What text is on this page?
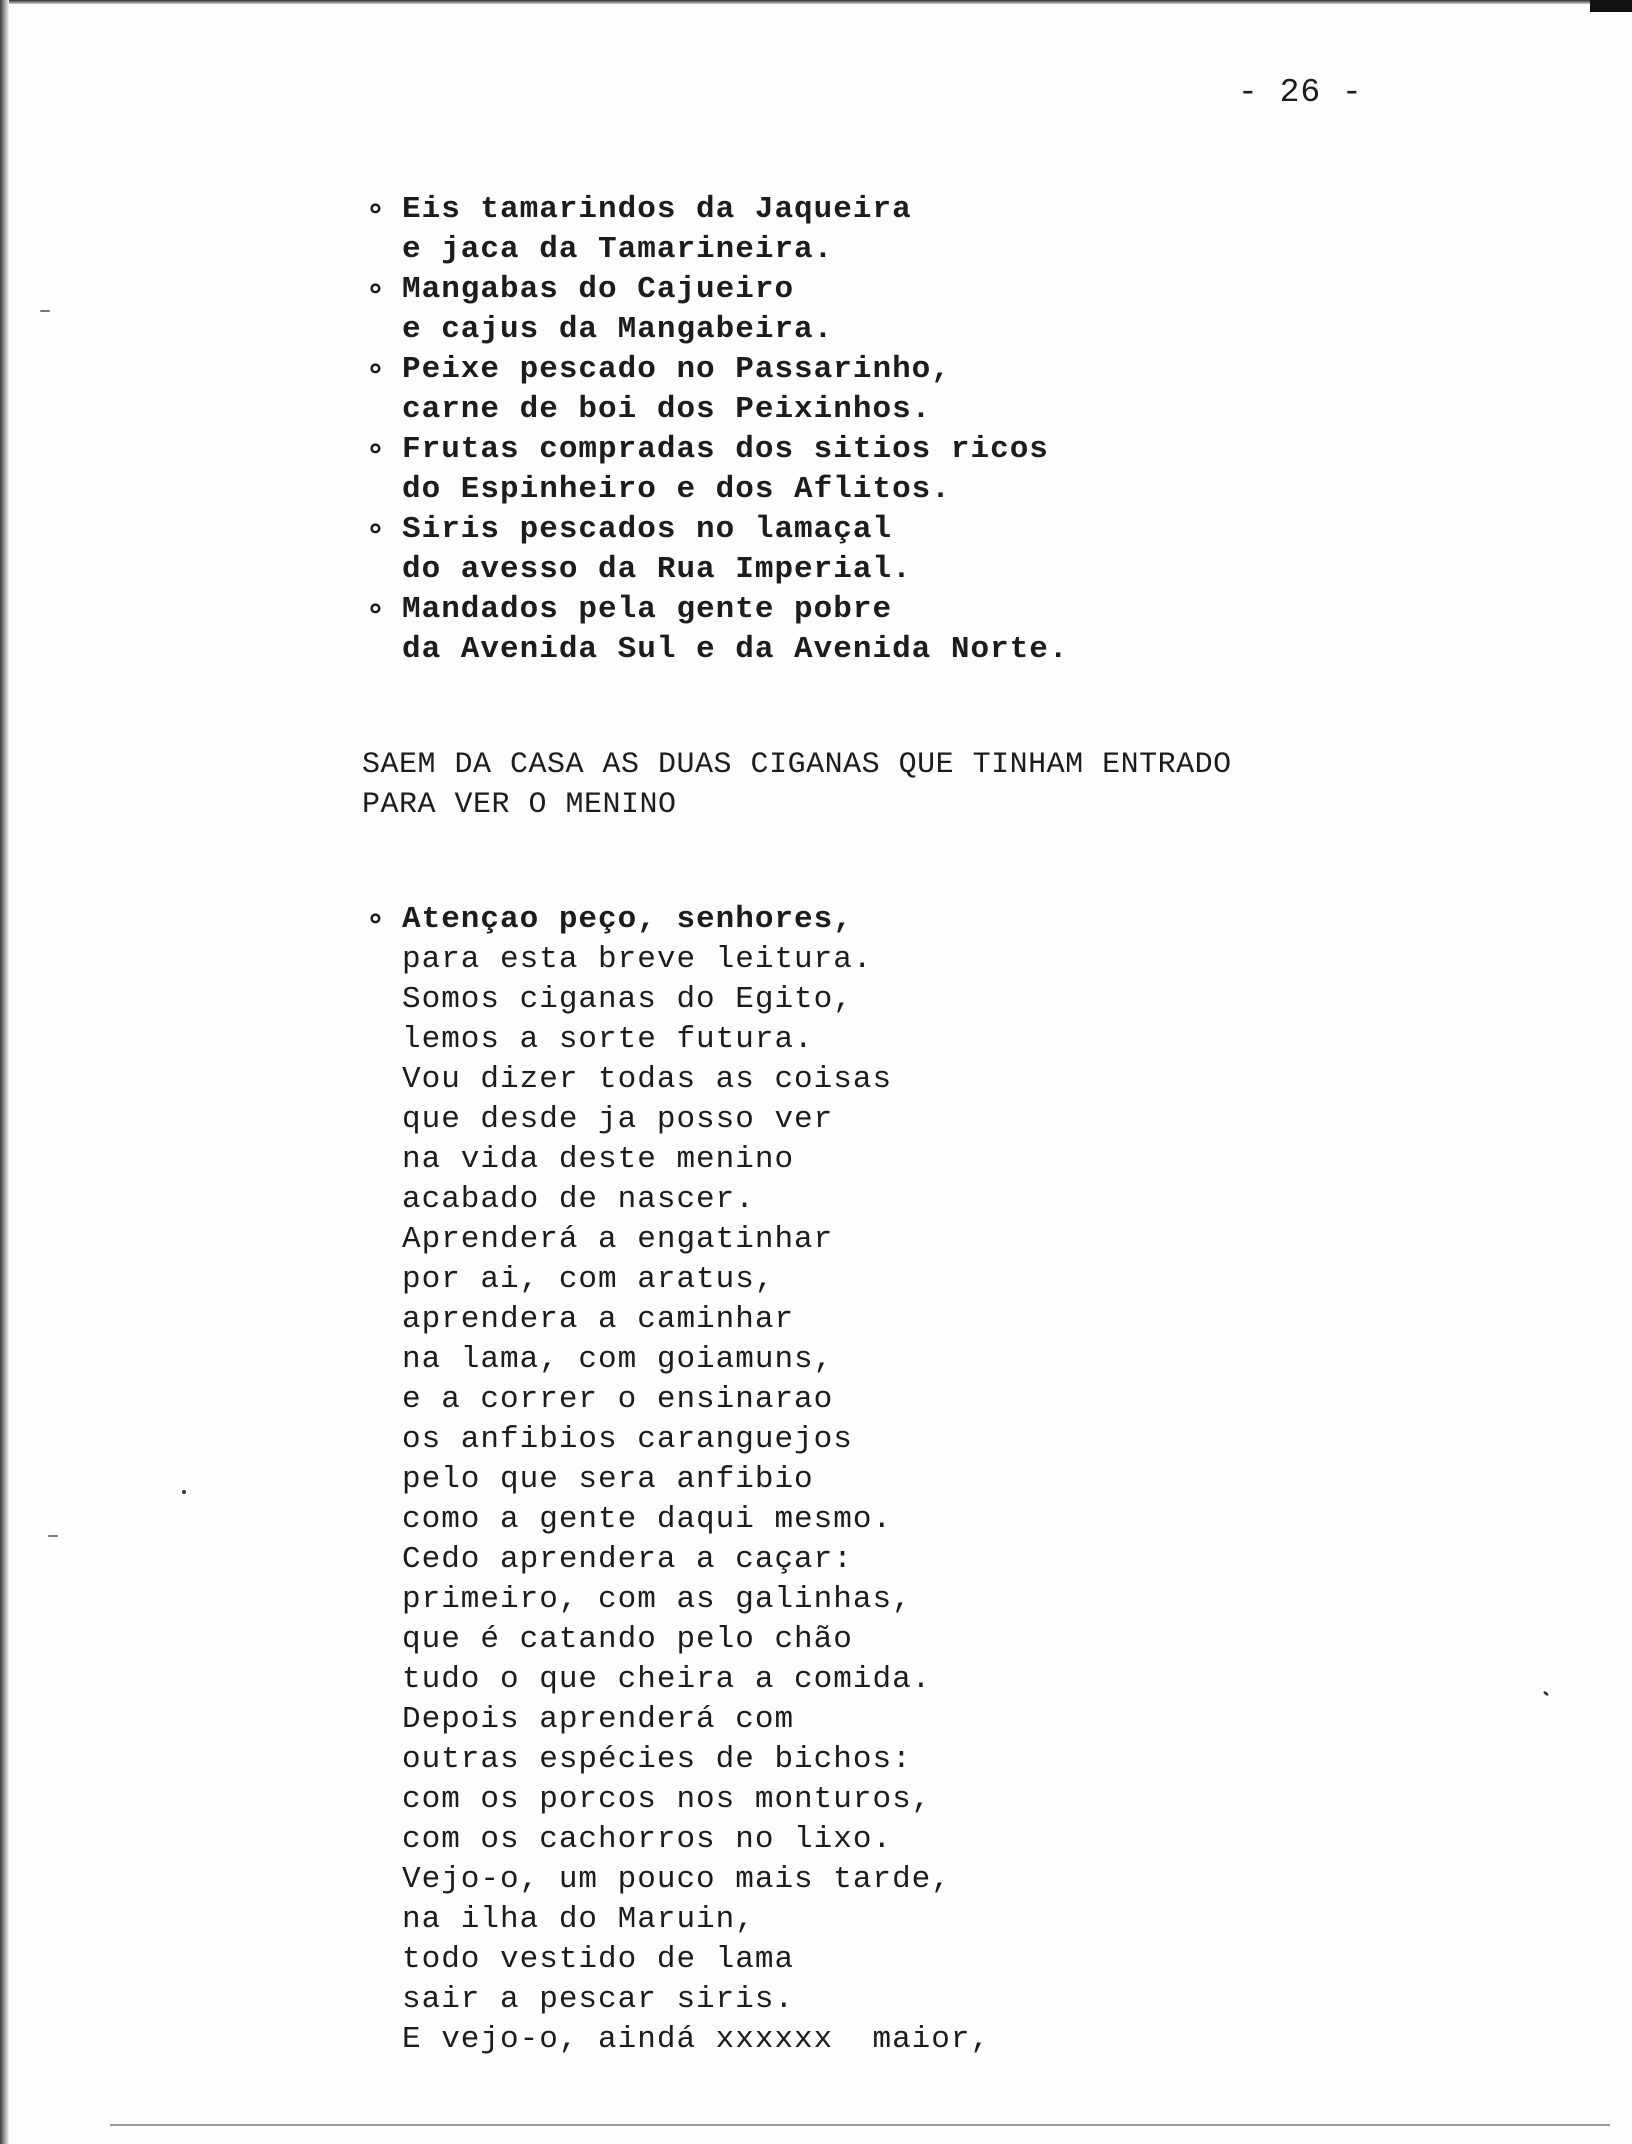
- 26 -
∘ Eis tamarindos da Jaqueira
e jaca da Tamarineira.
∘ Mangabas do Cajueiro
e cajus da Mangabeira.
∘ Peixe pescado no Passarinho,
carne de boi dos Peixinhos.
∘ Frutas compradas dos sitios ricos
do Espinheiro e dos Aflitos.
∘ Siris pescados no lamaçal
do avesso da Rua Imperial.
∘ Mandados pela gente pobre
da Avenida Sul e da Avenida Norte.
SAEM DA CASA AS DUAS CIGANAS QUE TINHAM ENTRADO
PARA VER O MENINO
∘ Atençao peço, senhores,
para esta breve leitura.
Somos ciganas do Egito,
lemos a sorte futura.
Vou dizer todas as coisas
que desde ja posso ver
na vida deste menino
acabado de nascer.
Aprenderá a engatinhar
por ai, com aratus,
aprendera a caminhar
na lama, com goiamuns,
e a correr o ensinarao
os anfibios caranguejos
pelo que sera anfibio
como a gente daqui mesmo.
Cedo aprendera a caçar:
primeiro, com as galinhas,
que é catando pelo chão
tudo o que cheira a comida.
Depois aprenderá com
outras espécies de bichos:
com os porcos nos monturos,
com os cachorros no lixo.
Vejo-o, um pouco mais tarde,
na ilha do Maruin,
todo vestido de lama
sair a pescar siris.
E vejo-o, aindá xxxxxx  maior,
